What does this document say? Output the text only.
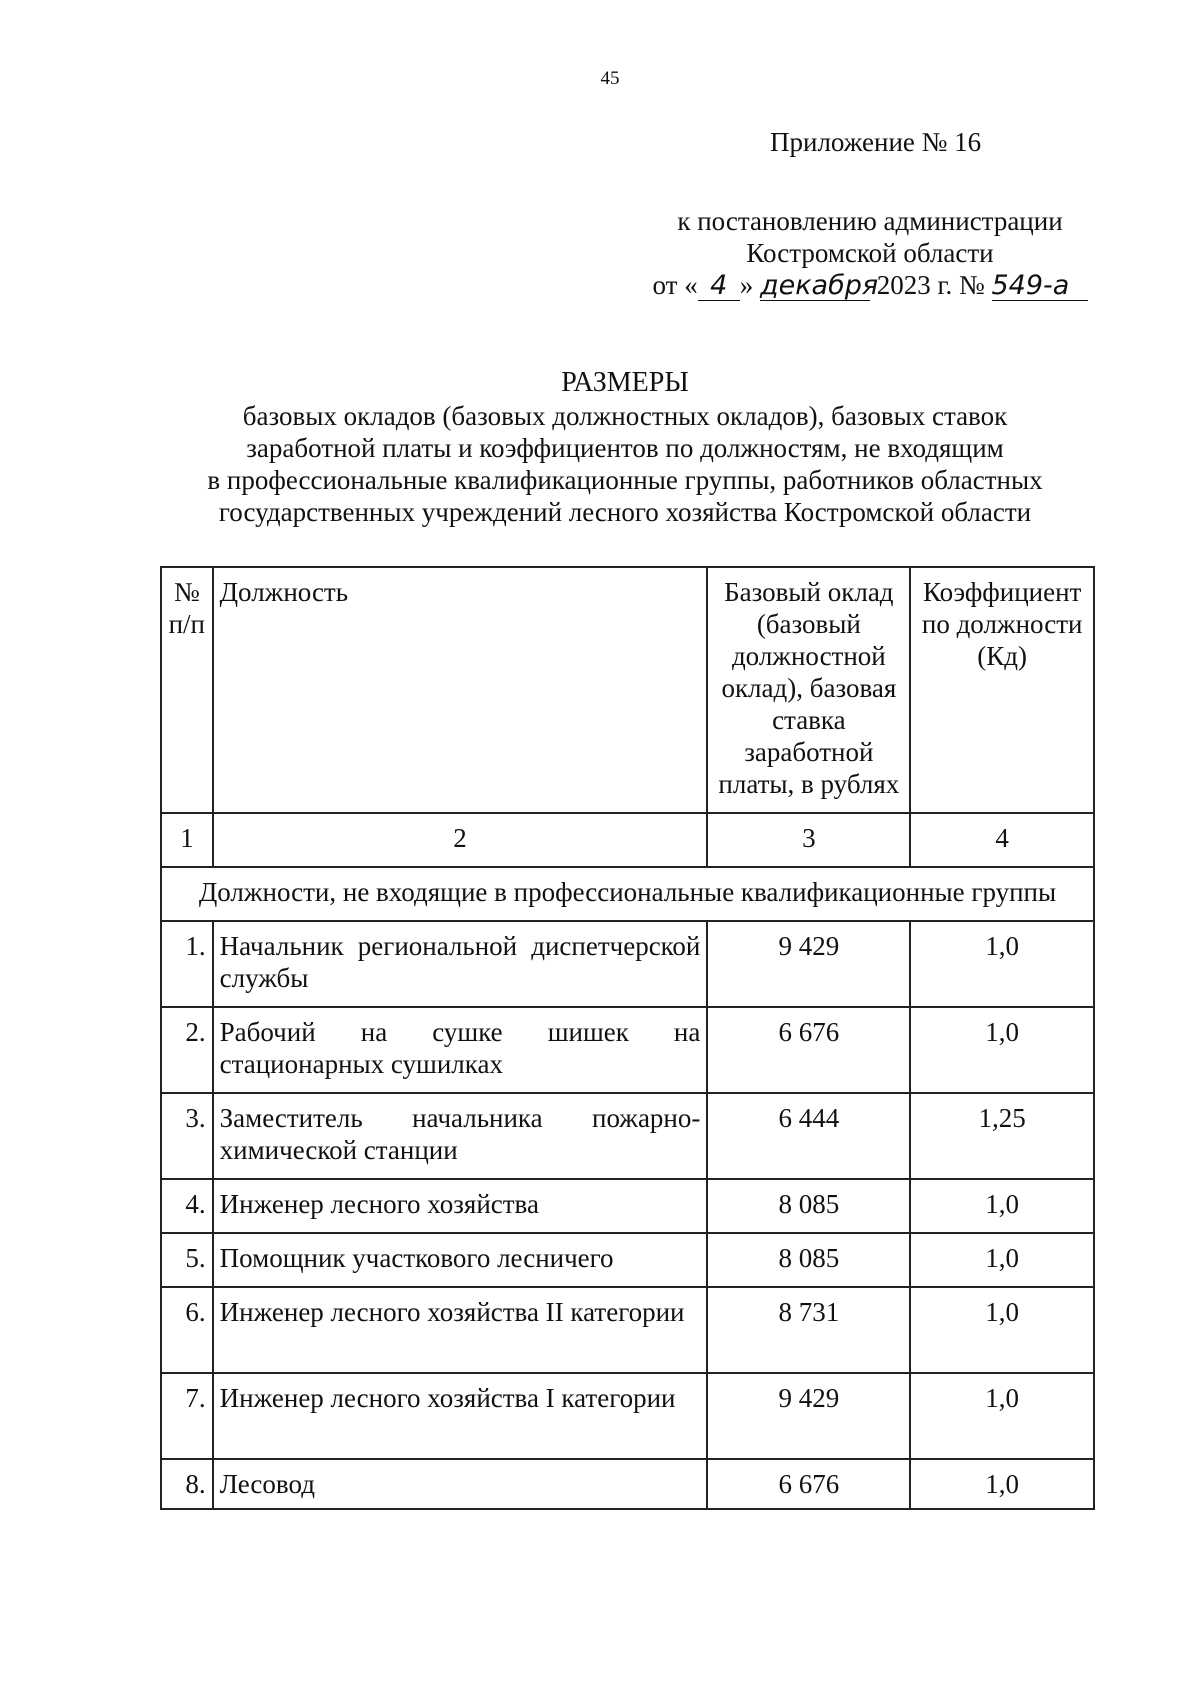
45
Приложение № 16
к постановлению администрации
Костромской области
от « 4 » декабря 2023 г. № 549-а
РАЗМЕРЫ
базовых окладов (базовых должностных окладов), базовых ставок
заработной платы и коэффициентов по должностям, не входящим
в профессиональные квалификационные группы, работников областных
государственных учреждений лесного хозяйства Костромской области
№ п/п	Должность	Базовый оклад (базовый должностной оклад), базовая ставка заработной платы, в рублях	Коэффициент по должности (Кд)
1	2	3	4
Должности, не входящие в профессиональные квалификационные группы			
1.	Начальник региональной диспетчерской службы	9 429	1,0
2.	Рабочий на сушке шишек на стационарных сушилках	6 676	1,0
3.	Заместитель начальника пожарно-химической станции	6 444	1,25
4.	Инженер лесного хозяйства	8 085	1,0
5.	Помощник участкового лесничего	8 085	1,0
6.	Инженер лесного хозяйства II категории	8 731	1,0
7.	Инженер лесного хозяйства I категории	9 429	1,0
8.	Лесовод	6 676	1,0
